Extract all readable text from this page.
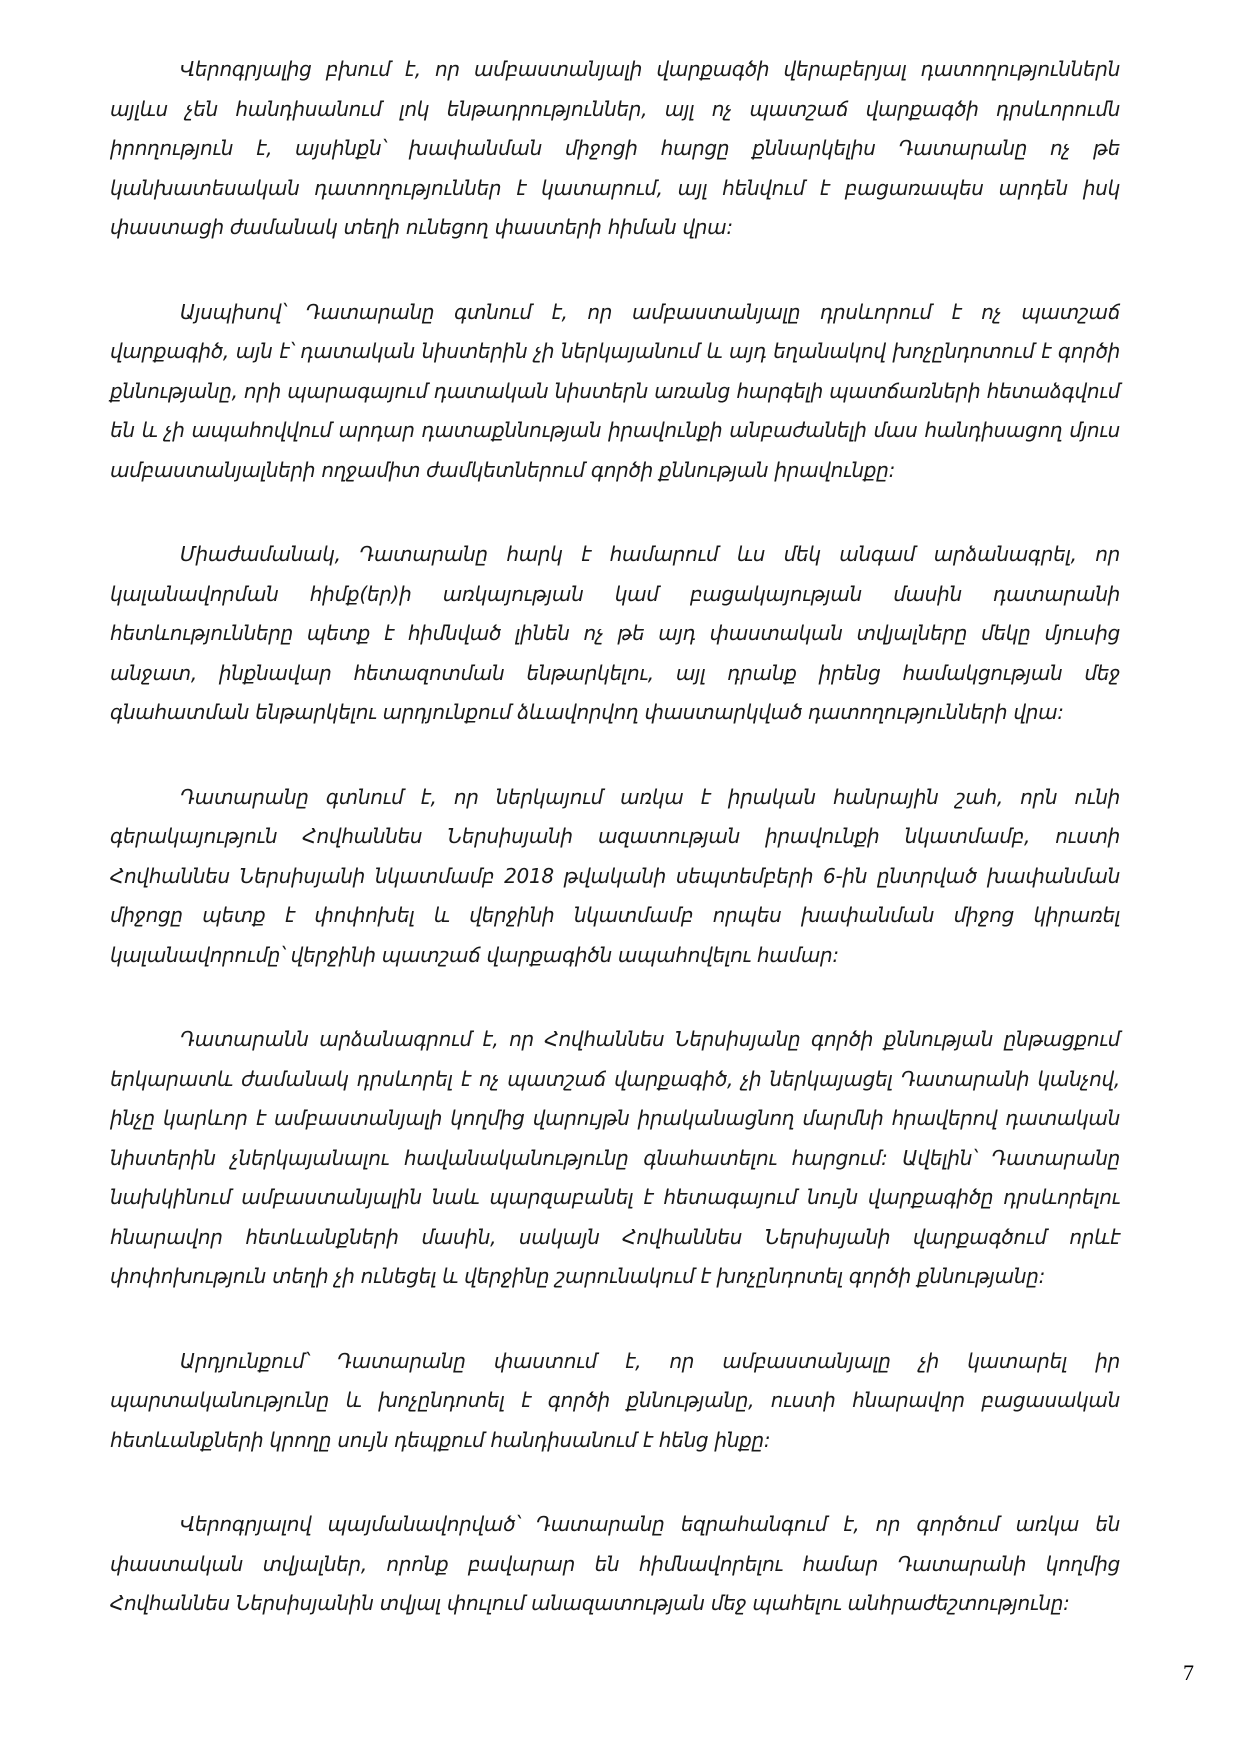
Վերոգրյալից բխում է, որ ամբաստանյալի վարքագծի վերաբերյալ դատողություններն այլևս չեն հանդիսանում լոկ ենթադրություններ, այլ ոչ պատշաճ վարքագծի դրսևորումն իրողություն է, այսինքն՝ խափանման միջոցի հարցը քննարկելիս Դատարանը ոչ թե կանխատեսական դատողություններ է կատարում, այլ հենվում է բացառապես արդեն իսկ փաստացի ժամանակ տեղի ունեցող փաստերի հիման վրա:

Այսպիսով՝ Դատարանը գտնում է, որ ամբաստանյալը դրսևորում է ոչ պատշաճ վարքագիծ, այն է՝ դատական նիստերին չի ներկայանում և այդ եղանակով խոչընդոտում է գործի քննությանը, որի պարագայում դատական նիստերն առանց հարգելի պատճառների հետաձգվում են և չի ապահովվում արդար դատաքննության իրավունքի անբաժանելի մաս հանդիսացող մյուս ամբաստանյալների ողջամիտ ժամկետներում գործի քննության իրավունքը:

Միաժամանակ, Դատարանը հարկ է համարում ևս մեկ անգամ արձանագրել, որ կալանավորման հիմք(եր)ի առկայության կամ բացակայության մասին դատարանի հետևությունները պետք է հիմնված լինեն ոչ թե այդ փաստական տվյալները մեկը մյուսից անջատ, ինքնավար հետազոտման ենթարկելու, այլ դրանք իրենց համակցության մեջ գնահատման ենթարկելու արդյունքում ձևավորվող փաստարկված դատողությունների վրա:

Դատարանը գտնում է, որ ներկայում առկա է իրական հանրային շահ, որն ունի գերակայություն Հովհաննես Ներսիսյանի ազատության իրավունքի նկատմամբ, ուստի Հովհաննես Ներսիսյանի նկատմամբ 2018 թվականի սեպտեմբերի 6-ին ընտրված խափանման միջոցը պետք է փոփոխել և վերջինի նկատմամբ որպես խափանման միջոց կիրառել կալանավորումը՝ վերջինի պատշաճ վարքագիծն ապահովելու համար:

Դատարանն արձանագրում է, որ Հովհաննես Ներսիսյանը գործի քննության ընթացքում երկարատև ժամանակ դրսևորել է ոչ պատշաճ վարքագիծ, չի ներկայացել Դատարանի կանչով, ինչը կարևոր է ամբաստանյալի կողմից վարույթն իրականացնող մարմնի հրավերով դատական նիստերին չներկայանալու հավանականությունը գնահատելու հարցում: Ավելին՝ Դատարանը նախկինում ամբաստանյալին նաև պարզաբանել է հետագայում նույն վարքագիծը դրսևորելու հնարավոր հետևանքների մասին, սակայն Հովհաննես Ներսիսյանի վարքագծում որևէ փոփոխություն տեղի չի ունեցել և վերջինը շարունակում է խոչընդոտել գործի քննությանը:

Արդյունքում՝ Դատարանը փաստում է, որ ամբաստանյալը չի կատարել իր պարտականությունը և խոչընդոտել է գործի քննությանը, ուստի հնարավոր բացասական հետևանքների կրողը սույն դեպքում հանդիսանում է հենց ինքը:

Վերոգրյալով պայմանավորված՝ Դատարանը եզրահանգում է, որ գործում առկա են փաստական տվյալներ, որոնք բավարար են հիմնավորելու համար Դատարանի կողմից Հովհաննես Ներսիսյանին տվյալ փուլում անազատության մեջ պահելու անհրաժեշտությունը:

7
